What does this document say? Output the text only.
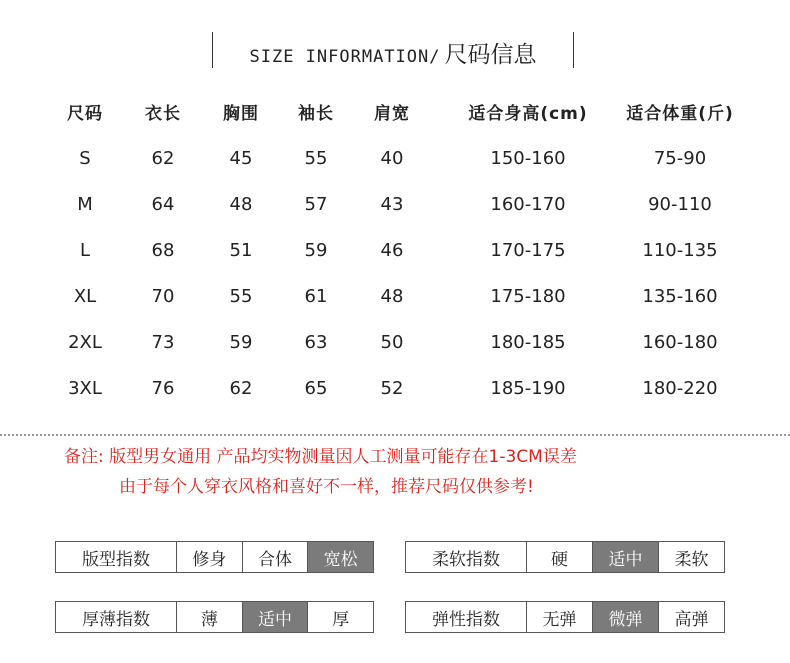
SIZE INFORMATION/ 尺码信息
尺码	衣长	胸围	袖长	肩宽	适合身高(cm)	适合体重(斤)
S	62	45	55	40	150-160	75-90
M	64	48	57	43	160-170	90-110
L	68	51	59	46	170-175	110-135
XL	70	55	61	48	175-180	135-160
2XL	73	59	63	50	180-185	160-180
3XL	76	62	65	52	185-190	180-220
备注: 版型男女通用 产品均实物测量因人工测量可能存在1-3CM误差
由于每个人穿衣风格和喜好不一样，推荐尺码仅供参考!
版型指数	修身	合体	宽松	柔软指数	硬	适中	柔软
厚薄指数	薄	适中	厚	弹性指数	无弹	微弹	高弹
